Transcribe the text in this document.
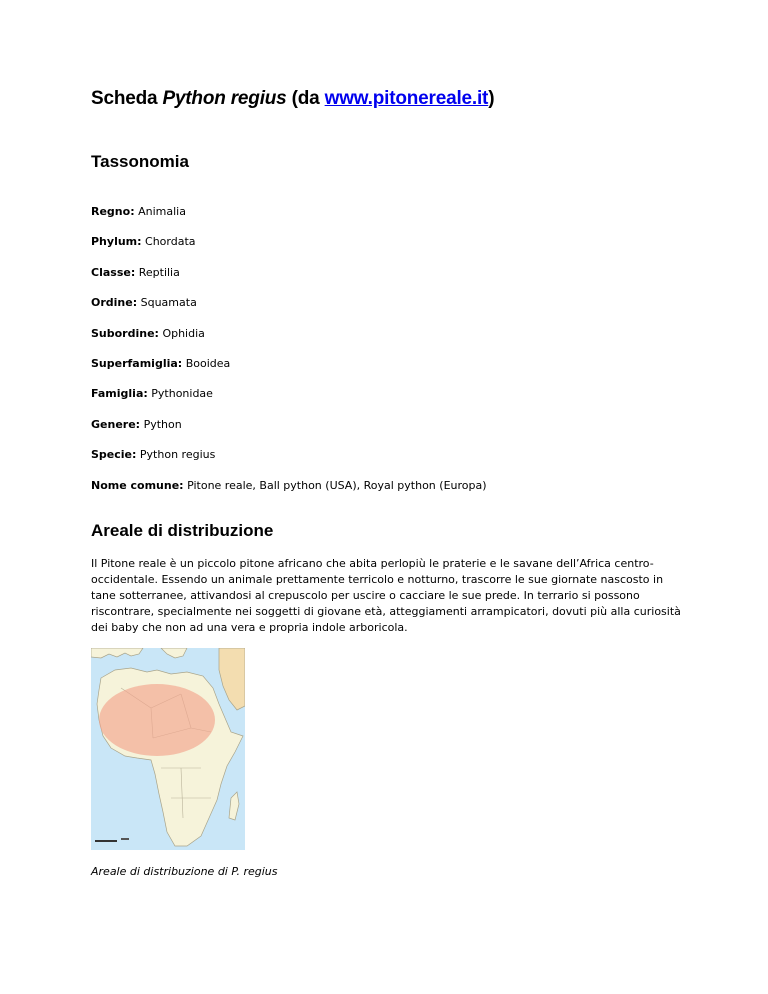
Scheda Python regius (da www.pitonereale.it)
Tassonomia
Regno: Animalia
Phylum: Chordata
Classe: Reptilia
Ordine: Squamata
Subordine: Ophidia
Superfamiglia: Booidea
Famiglia: Pythonidae
Genere: Python
Specie: Python regius
Nome comune: Pitone reale, Ball python (USA), Royal python (Europa)
Areale di distribuzione

Il Pitone reale è un piccolo pitone africano che abita perlopiù le praterie e le savane dell’Africa centro-occidentale. Essendo un animale prettamente terricolo e notturno, trascorre le sue giornate nascosto in tane sotterranee, attivandosi al crepuscolo per uscire o cacciare le sue prede. In terrario si possono riscontrare, specialmente nei soggetti di giovane età, atteggiamenti arrampicatori, dovuti più alla curiosità dei baby che non ad una vera e propria indole arboricola.

Areale di distribuzione di P. regius
